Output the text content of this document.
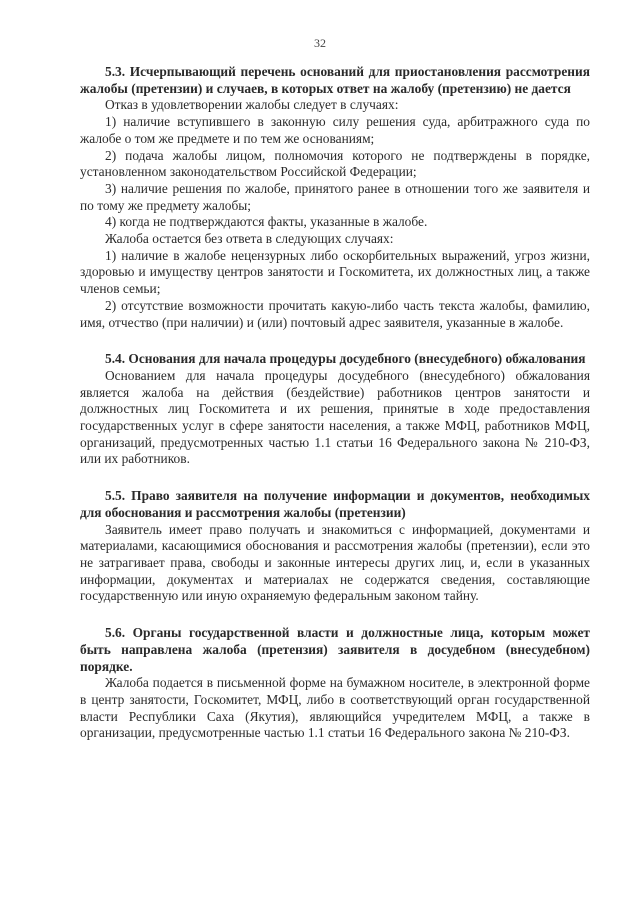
32

5.3. Исчерпывающий перечень оснований для приостановления рассмотрения жалобы (претензии) и случаев, в которых ответ на жалобу (претензию) не дается

Отказ в удовлетворении жалобы следует в случаях:

1) наличие вступившего в законную силу решения суда, арбитражного суда по жалобе о том же предмете и по тем же основаниям;

2) подача жалобы лицом, полномочия которого не подтверждены в порядке, установленном законодательством Российской Федерации;

3) наличие решения по жалобе, принятого ранее в отношении того же заявителя и по тому же предмету жалобы;

4) когда не подтверждаются факты, указанные в жалобе.

Жалоба остается без ответа в следующих случаях:

1) наличие в жалобе нецензурных либо оскорбительных выражений, угроз жизни, здоровью и имуществу центров занятости и Госкомитета, их должностных лиц, а также членов семьи;

2) отсутствие возможности прочитать какую-либо часть текста жалобы, фамилию, имя, отчество (при наличии) и (или) почтовый адрес заявителя, указанные в жалобе.

5.4. Основания для начала процедуры досудебного (внесудебного) обжалования

Основанием для начала процедуры досудебного (внесудебного) обжалования является жалоба на действия (бездействие) работников центров занятости и должностных лиц Госкомитета и их решения, принятые в ходе предоставления государственных услуг в сфере занятости населения, а также МФЦ, работников МФЦ, организаций, предусмотренных частью 1.1 статьи 16 Федерального закона № 210-ФЗ, или их работников.

5.5. Право заявителя на получение информации и документов, необходимых для обоснования и рассмотрения жалобы (претензии)

Заявитель имеет право получать и знакомиться с информацией, документами и материалами, касающимися обоснования и рассмотрения жалобы (претензии), если это не затрагивает права, свободы и законные интересы других лиц, и, если в указанных информации, документах и материалах не содержатся сведения, составляющие государственную или иную охраняемую федеральным законом тайну.

5.6. Органы государственной власти и должностные лица, которым может быть направлена жалоба (претензия) заявителя в досудебном (внесудебном) порядке.

Жалоба подается в письменной форме на бумажном носителе, в электронной форме в центр занятости, Госкомитет, МФЦ, либо в соответствующий орган государственной власти Республики Саха (Якутия), являющийся учредителем МФЦ, а также в организации, предусмотренные частью 1.1 статьи 16 Федерального закона № 210-ФЗ.
